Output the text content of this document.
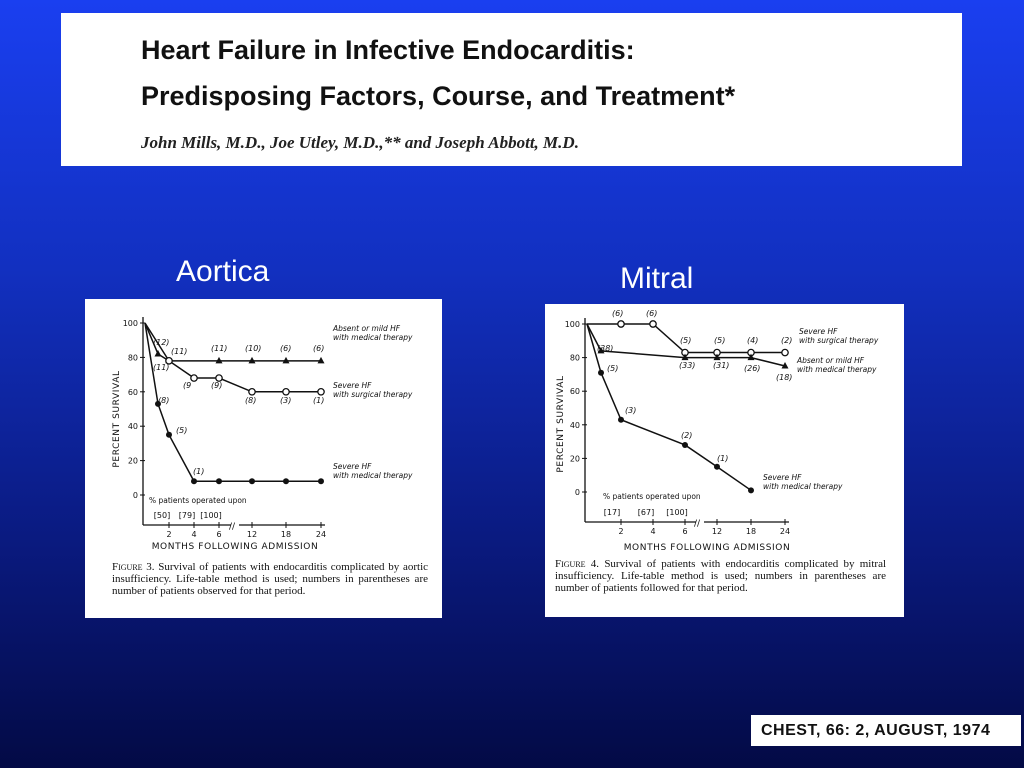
Heart Failure in Infective Endocarditis:

Predisposing Factors, Course, and Treatment*

John Mills, M.D., Joe Utley, M.D.,** and Joseph Abbott, M.D.
Aortica	Mitral
//
0
20
40
60
80
100
2 4 6	12	18	24
MONTHS FOLLOWING ADMISSION
PERCENT SURVIVAL
(12)
(11)	(11) (10) (6)	(6)
Absent or mild HF
with medical therapy
(11)
(9 (9)
(8)	(3)	(1)
Severe HF
with surgical therapy
(8)
(5)
(1)
Severe HF
with medical therapy
% patients operated upon
[50] [79] [100]
Figure 3. Survival of patients with endocarditis complicated by aortic insufficiency. Life-table method is used; numbers in parentheses are number of patients observed for that period.
//
0
20
40
60
80
100
2	4	6	12	18	24
MONTHS FOLLOWING ADMISSION
PERCENT SURVIVAL
(6)	(6)
(5)	(5)	(4)	(2)
Severe HF
with surgical therapy
(38)
(33) (31) (26)
(18)
Absent or mild HF
with medical therapy
(5)
(3)
(2)
(1)
Severe HF
with medical therapy
% patients operated upon
[17] [67] [100]
Figure 4. Survival of patients with endocarditis complicated by mitral insufficiency. Life-table method is used; numbers in parentheses are number of patients followed for that period.
CHEST, 66: 2, AUGUST, 1974
